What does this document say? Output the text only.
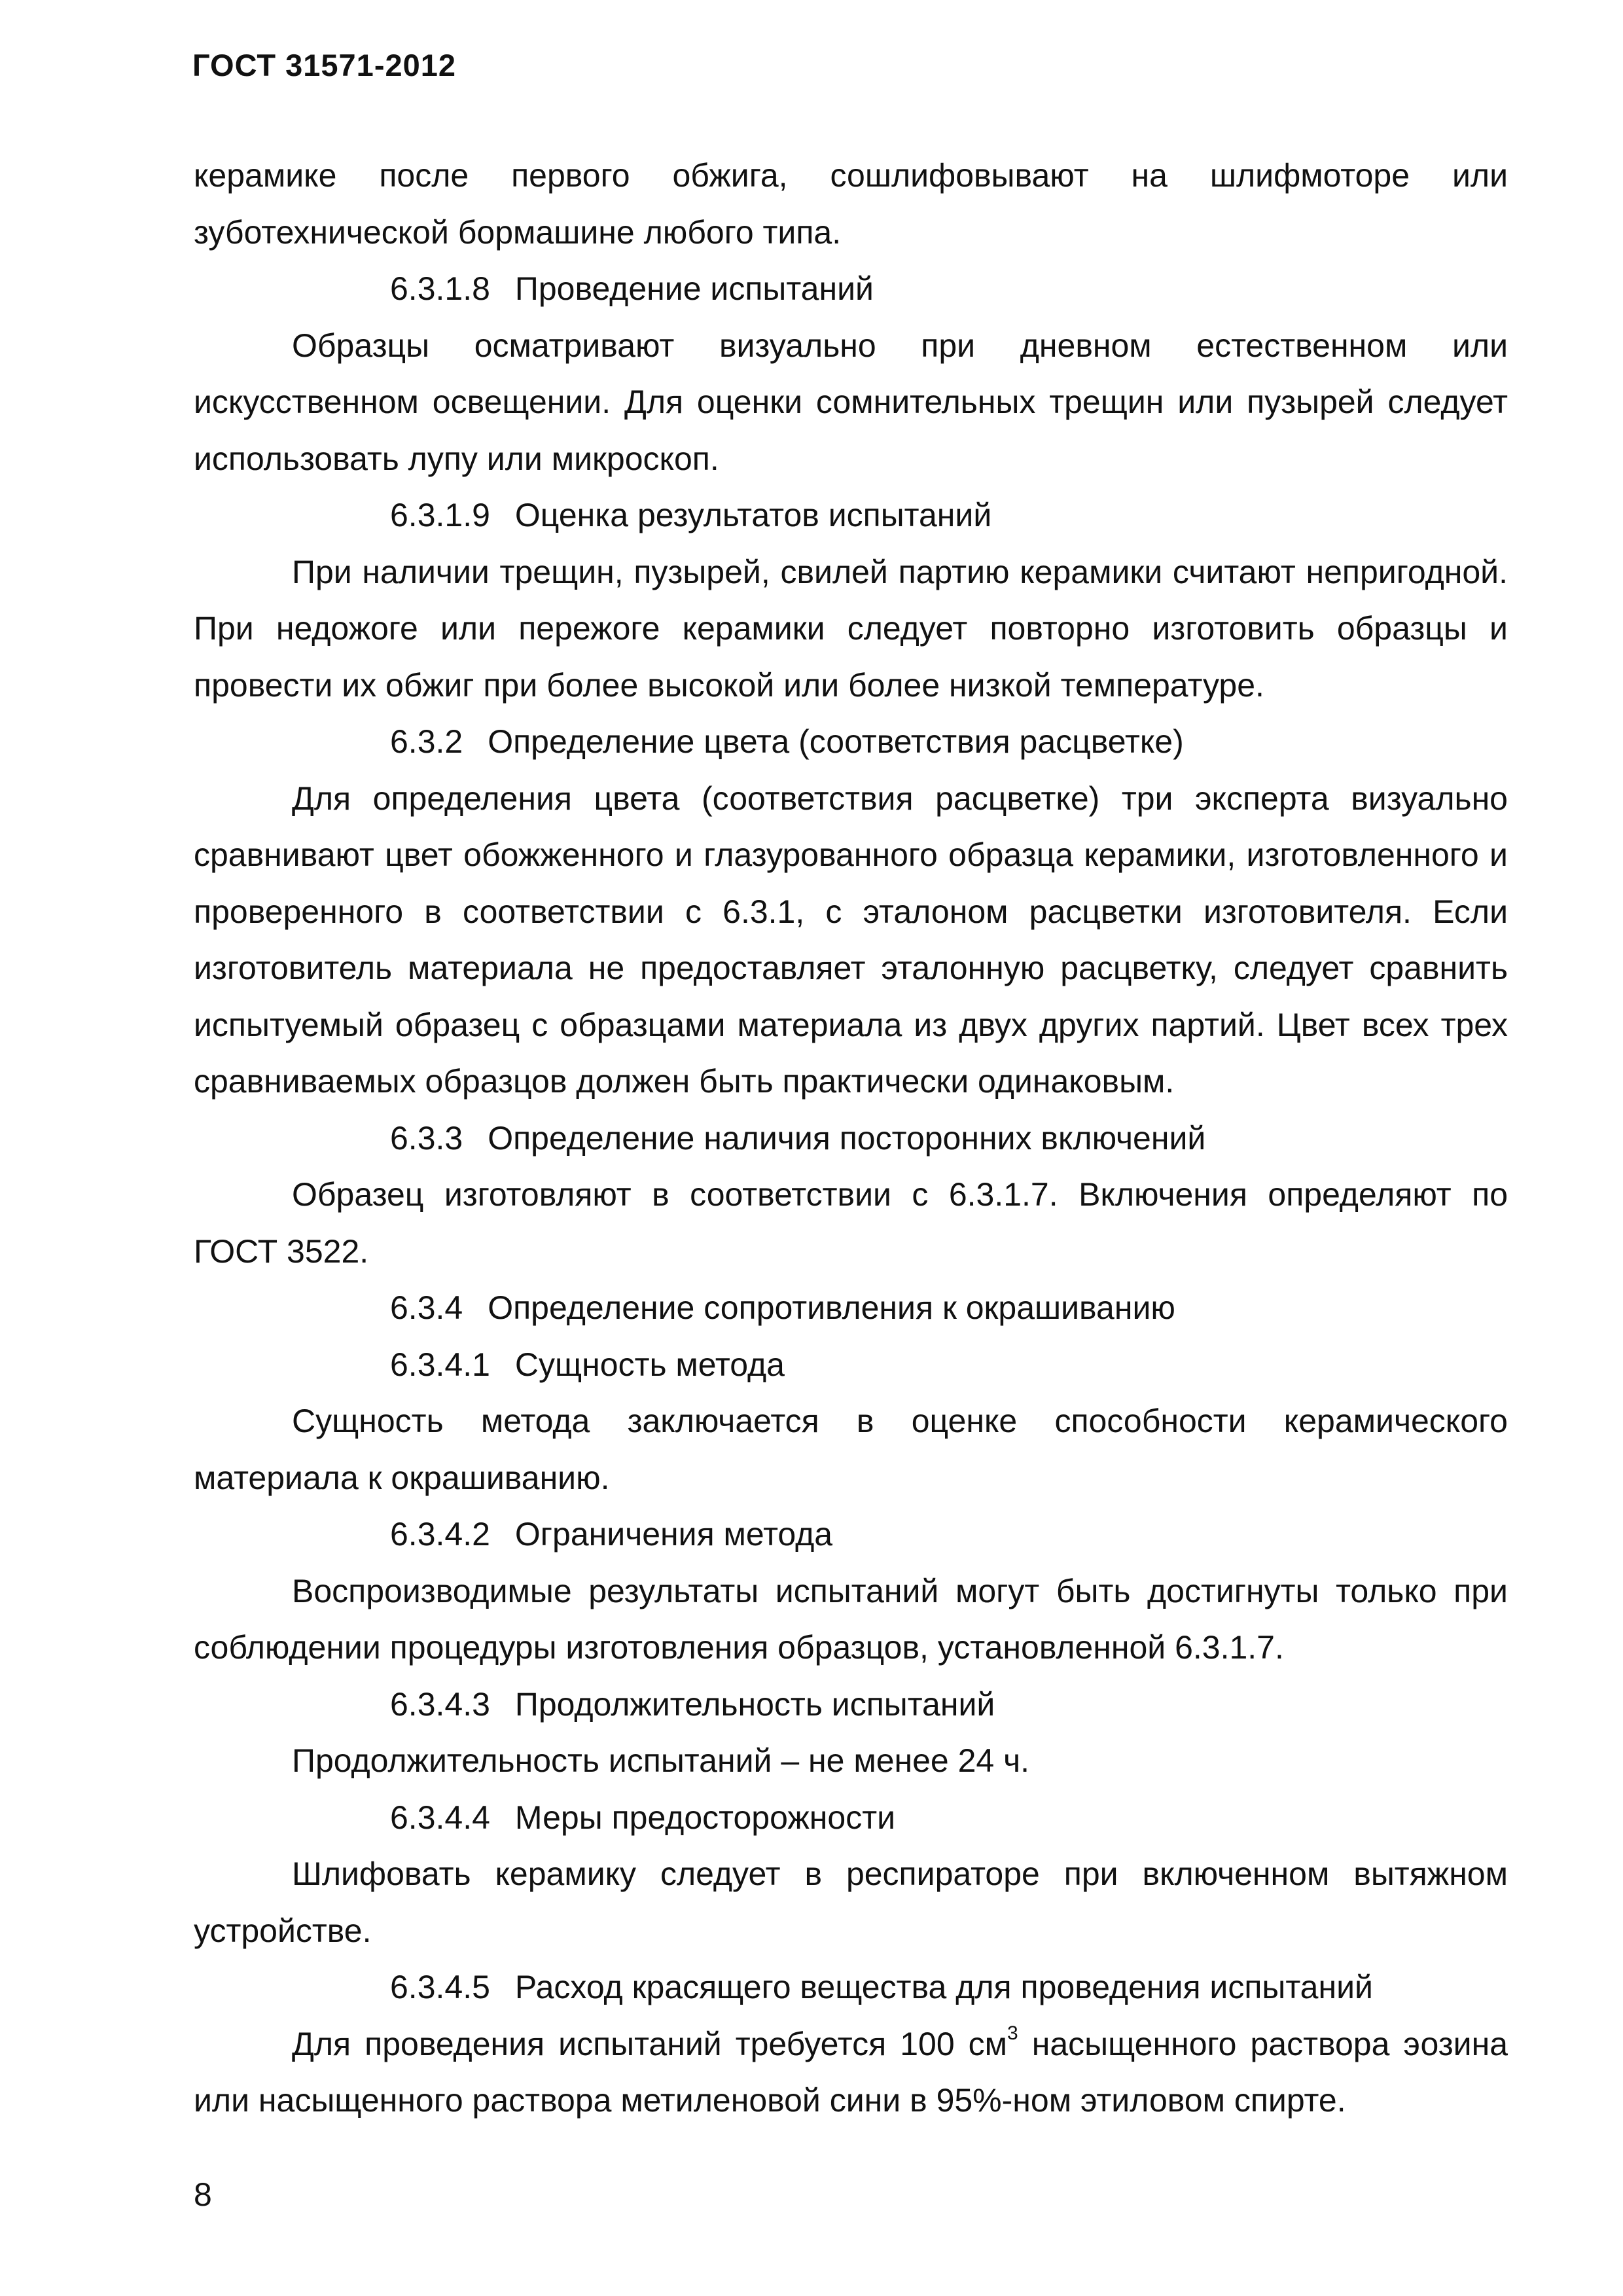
ГОСТ 31571-2012

керамике после первого обжига, сошлифовывают на шлифмоторе или зуботехнической бормашине любого типа.

6.3.1.8 Проведение испытаний

Образцы осматривают визуально при дневном естественном или искусственном освещении. Для оценки сомнительных трещин или пузырей следует использовать лупу или микроскоп.

6.3.1.9 Оценка результатов испытаний

При наличии трещин, пузырей, свилей партию керамики считают непригодной. При недожоге или пережоге керамики следует повторно изготовить образцы и провести их обжиг при более высокой или более низкой температуре.

6.3.2 Определение цвета (соответствия расцветке)

Для определения цвета (соответствия расцветке) три эксперта визуально сравнивают цвет обожженного и глазурованного образца керамики, изготовленного и проверенного в соответствии с 6.3.1, с эталоном расцветки изготовителя. Если изготовитель материала не предоставляет эталонную расцветку, следует сравнить испытуемый образец с образцами материала из двух других партий. Цвет всех трех сравниваемых образцов должен быть практически одинаковым.

6.3.3 Определение наличия посторонних включений

Образец изготовляют в соответствии с 6.3.1.7. Включения определяют по ГОСТ 3522.

6.3.4 Определение сопротивления к окрашиванию

6.3.4.1 Сущность метода

Сущность метода заключается в оценке способности керамического материала к окрашиванию.

6.3.4.2 Ограничения метода

Воспроизводимые результаты испытаний могут быть достигнуты только при соблюдении процедуры изготовления образцов, установленной 6.3.1.7.

6.3.4.3 Продолжительность испытаний

Продолжительность испытаний – не менее 24 ч.

6.3.4.4 Меры предосторожности

Шлифовать керамику следует в респираторе при включенном вытяжном устройстве.

6.3.4.5 Расход красящего вещества для проведения испытаний

Для проведения испытаний требуется 100 $см^3$ насыщенного раствора эозина или насыщенного раствора метиленовой сини в 95%-ном этиловом спирте.

8
